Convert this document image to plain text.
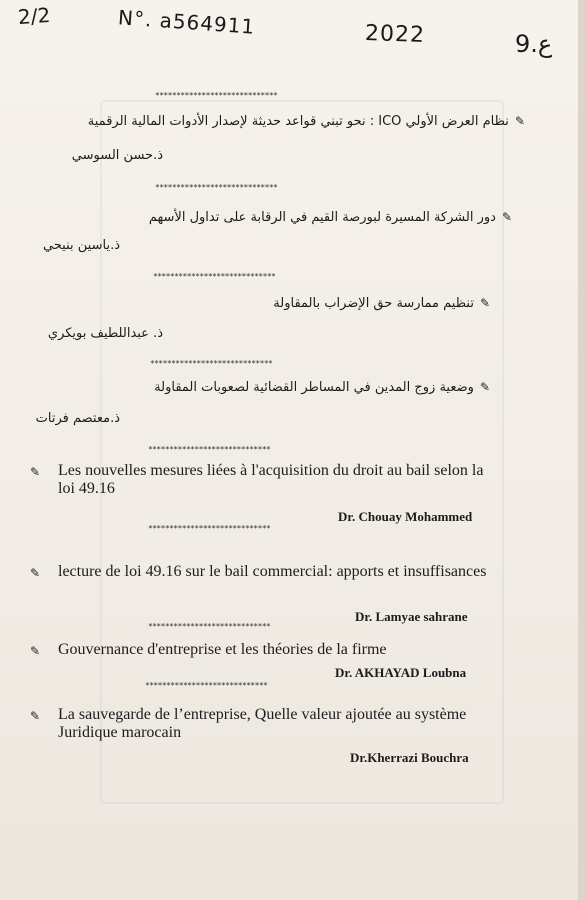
2/2	N°. a564911	2022	9.ع
*****************************
✎نظام العرض الأولي ICO : نحو تبني قواعد حديثة لإصدار الأدوات المالية الرقمية
ذ.حسن السوسي
*****************************
✎دور الشركة المسيرة لبورصة القيم في الرقابة على تداول الأسهم
ذ.ياسين بنيحي
*****************************
✎تنظيم ممارسة حق الإضراب بالمقاولة
ذ. عبداللطيف بويكري
*****************************
✎وضعية زوج المدين في المساطر القضائية لصعوبات المقاولة
ذ.معتصم فرتات
*****************************
✎	Les nouvelles mesures liées à l'acquisition du droit au bail selon la loi 49.16
Dr. Chouay Mohammed
*****************************
✎	lecture de loi 49.16 sur le bail commercial: apports et insuffisances
Dr. Lamyae sahrane
*****************************
✎	Gouvernance d'entreprise et les théories de la firme
Dr. AKHAYAD Loubna
*****************************
✎	La sauvegarde de l’entreprise, Quelle valeur ajoutée au système Juridique marocain
Dr.Kherrazi Bouchra
